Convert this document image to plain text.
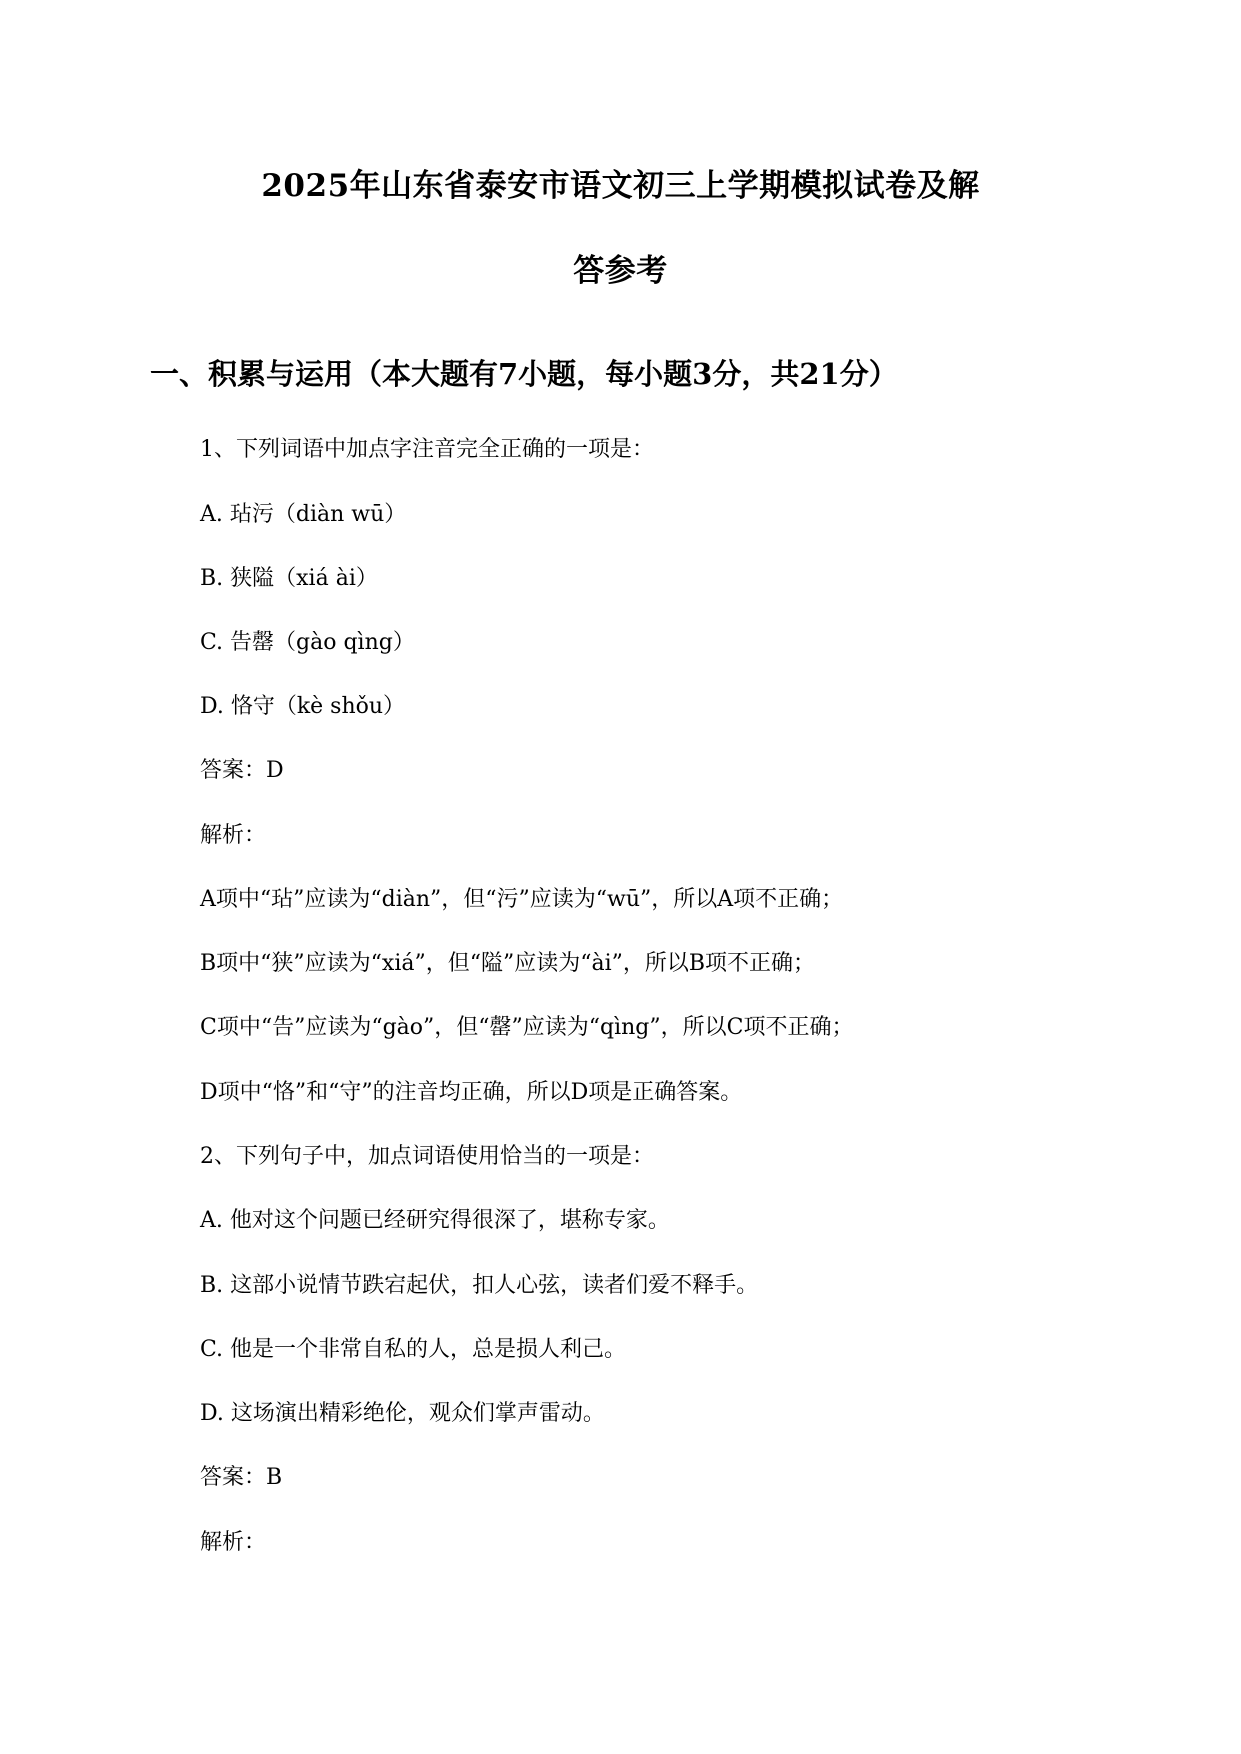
2025年山东省泰安市语文初三上学期模拟试卷及解
答参考
一、积累与运用（本大题有7小题，每小题3分，共21分）
1、下列词语中加点字注音完全正确的一项是：
A. 玷污（diàn wū）
B. 狭隘（xiá ài）
C. 告罄（gào qìng）
D. 恪守（kè shǒu）
答案：D
解析：
A项中“玷”应读为“diàn”，但“污”应读为“wū”，所以A项不正确；
B项中“狭”应读为“xiá”，但“隘”应读为“ài”，所以B项不正确；
C项中“告”应读为“gào”，但“罄”应读为“qìng”，所以C项不正确；
D项中“恪”和“守”的注音均正确，所以D项是正确答案。
2、下列句子中，加点词语使用恰当的一项是：
A. 他对这个问题已经研究得很深了，堪称专家。
B. 这部小说情节跌宕起伏，扣人心弦，读者们爱不释手。
C. 他是一个非常自私的人，总是损人利己。
D. 这场演出精彩绝伦，观众们掌声雷动。
答案：B
解析：
